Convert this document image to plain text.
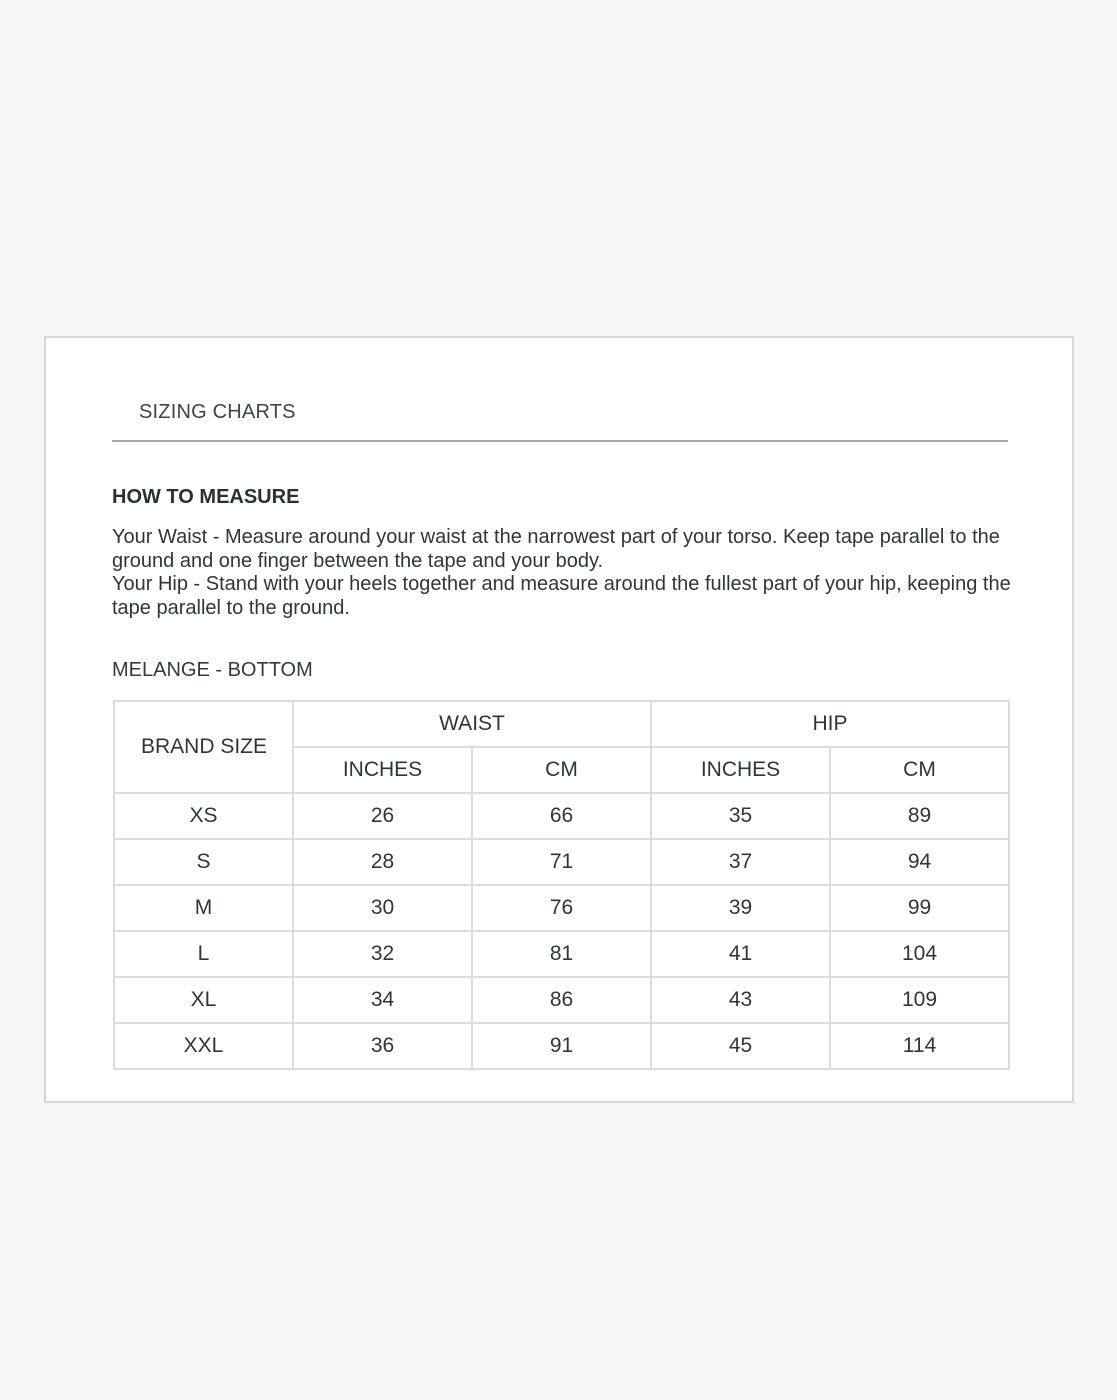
SIZING CHARTS
HOW TO MEASURE

Your Waist - Measure around your waist at the narrowest part of your torso. Keep tape parallel to the ground and one finger between the tape and your body.

Your Hip - Stand with your heels together and measure around the fullest part of your hip, keeping the tape parallel to the ground.

MELANGE - BOTTOM
BRAND SIZE	WAIST		HIP	
	INCHES	CM	INCHES	CM
XS	26	66	35	89
S	28	71	37	94
M	30	76	39	99
L	32	81	41	104
XL	34	86	43	109
XXL	36	91	45	114
